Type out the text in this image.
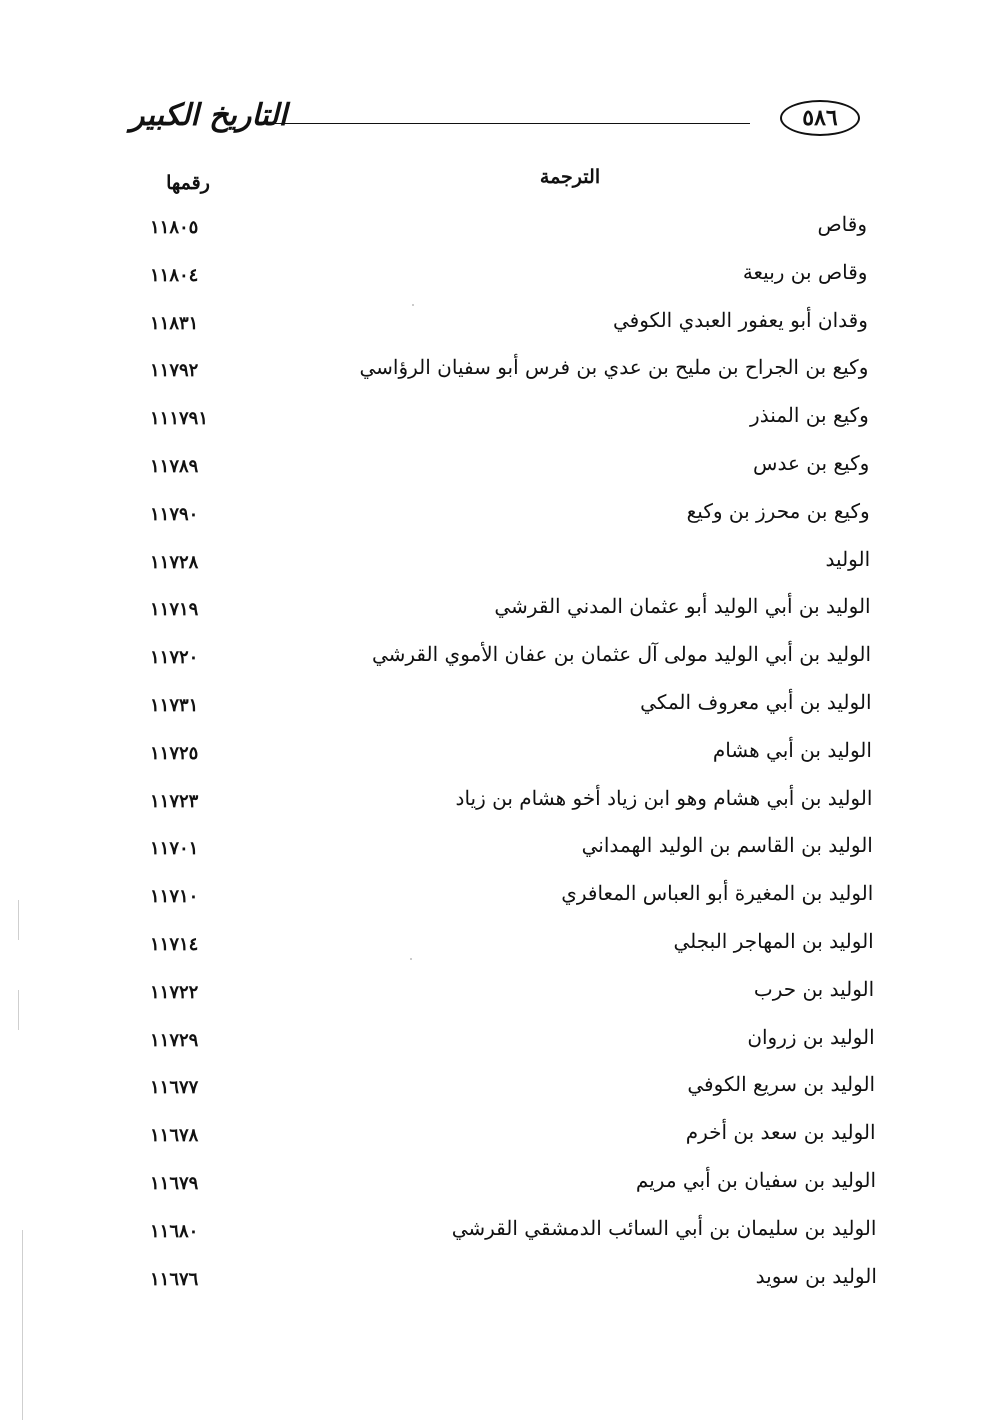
التاريخ الكبير	٥٨٦
الترجمة
رقمها
وقاص
١١٨٠٥
وقاص بن ربيعة
١١٨٠٤
وقدان أبو يعفور العبدي الكوفي
١١٨٣١
وكيع بن الجراح بن مليح بن عدي بن فرس أبو سفيان الرؤاسي
١١٧٩٢
وكيع بن المنذر
١١١٧٩١
وكيع بن عدس
١١٧٨٩
وكيع بن محرز بن وكيع
١١٧٩٠
الوليد
١١٧٢٨
الوليد بن أبي الوليد أبو عثمان المدني القرشي
١١٧١٩
الوليد بن أبي الوليد مولى آل عثمان بن عفان الأموي القرشي
١١٧٢٠
الوليد بن أبي معروف المكي
١١٧٣١
الوليد بن أبي هشام
١١٧٢٥
الوليد بن أبي هشام وهو ابن زياد أخو هشام بن زياد
١١٧٢٣
الوليد بن القاسم بن الوليد الهمداني
١١٧٠١
الوليد بن المغيرة أبو العباس المعافري
١١٧١٠
الوليد بن المهاجر البجلي
١١٧١٤
الوليد بن حرب
١١٧٢٢
الوليد بن زروان
١١٧٢٩
الوليد بن سريع الكوفي
١١٦٧٧
الوليد بن سعد بن أخرم
١١٦٧٨
الوليد بن سفيان بن أبي مريم
١١٦٧٩
الوليد بن سليمان بن أبي السائب الدمشقي القرشي
١١٦٨٠
الوليد بن سويد
١١٦٧٦
